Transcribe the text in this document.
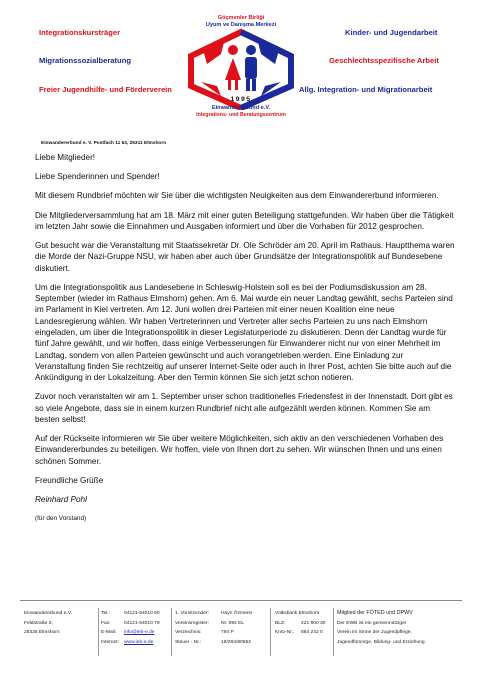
Integrationskursträger
Migrationssozialberatung
Freier Jugendhilfe- und Förderverein
Kinder- und Jugendarbeit
Geschlechtsspezifische Arbeit
Allg. Integration- und Migrationarbeit
Göçmenler Birliği
Uyum ve Danışma Merkezi
1995
Einwandererbund e.V.
Integrations- und Beratungszentrum
Einwandererbund e. V. Postfach 11 63, 25311 Elmshorn

Liebe Mitglieder!

Liebe Spenderinnen und Spender!

Mit diesem Rundbrief möchten wir Sie über die wichtigsten Neuigkeiten aus dem Einwandererbund informieren.

Die Mitgliederversammlung hat am 18. März mit einer guten Beteiligung stattgefunden. Wir haben über die Tätigkeit im letzten Jahr sowie die Einnahmen und Ausgaben informiert und über die Vorhaben für 2012 gesprochen.

Gut besucht war die Veranstaltung mit Staatssekretär Dr. Ole Schröder am 20. April im Rathaus. Hauptthema waren die Morde der Nazi-Gruppe NSU, wir haben aber auch über Grundsätze der Integrationspolitik auf Bundesebene diskutiert.

Um die Integrationspolitik aus Landesebene in Schleswig-Holstein soll es bei der Podiumsdiskussion am 28. September (wieder im Rathaus Elmshorn) gehen. Am 6. Mai wurde ein neuer Landtag gewählt, sechs Parteien sind im Parlament in Kiel vertreten. Am 12. Juni wollen drei Parteien mit einer neuen Koalition eine neue Landesregierung wählen. Wir haben Vertreterinnen und Vertreter aller sechs Parteien zu uns nach Elmshorn eingeladen, um über die Integrationspolitik in dieser Legislaturperiode zu diskutieren. Denn der Landtag wurde für fünf Jahre gewählt, und wir hoffen, dass einige Verbesserungen für Einwanderer nicht nur von einer Mehrheit im Landtag, sondern von allen Parteien gewünscht und auch vorangetrieben werden. Eine Einladung zur Veranstaltung finden Sie rechtzeitig auf unserer Internet-Seite oder auch in Ihrer Post, achten Sie bitte auch auf die Ankündigung in der Lokalzeitung. Aber den Termin können Sie sich jetzt schon notieren.

Zuvor noch veranstalten wir am 1. September unser schon traditionelles Friedensfest in der Innenstadt. Dort gibt es so viele Angebote, dass sie in einem kurzen Rundbrief nicht alle aufgezählt werden können. Kommen Sie am besten selbst!

Auf der Rückseite informieren wir Sie über weitere Möglichkeiten, sich aktiv an den verschiedenen Vorhaben des Einwandererbundes zu beteiligen. Wir hoffen, viele von Ihnen dort zu sehen. Wir wünschen Ihnen und uns einen schönen Sommer.

Freundliche Grüße

Reinhard Pohl

(für den Vorstand)

Einwandererbund e.V.
Feldstraße 3,
25335 Elmshorn
Tel.:
Fax:
E-Mail:
Internet:
04121-64010 60
04121-64010 79
info@ieb-e.de
www.ieb-e.de
1. Vorsitzender:
Vereinsregister:
Verzeichnis:
Steuer - Nr.:
Hayri Özmerin
Nr. 994 EL
794 P
18/294/80652
Volksbank Elmshorn
BLZ:
Knto-Nr.:
221 900 30
864 242 0
Mitglied der FÖTED und DPWV
Der EWB ist ein gemeinnütziger
Verein im Sinne der Jugendpflege,
Jugendfürsorge, Bildung- und Erziehung
